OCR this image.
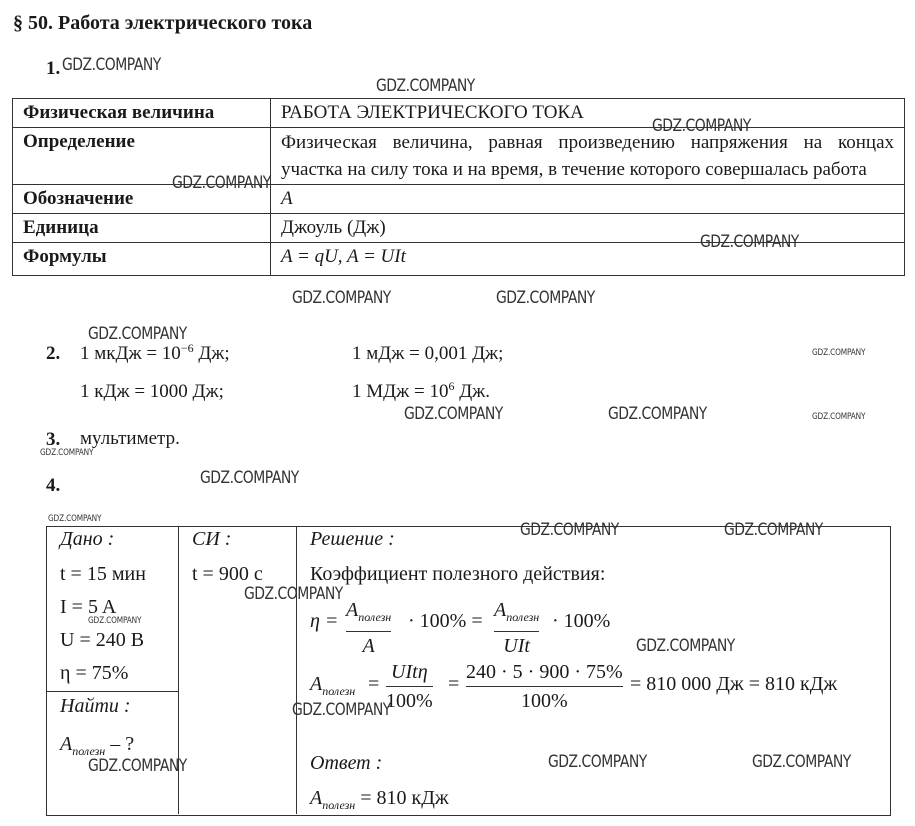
§ 50. Работа электрического тока
1.
Физическая величина	РАБОТА ЭЛЕКТРИЧЕСКОГО ТОКА
Определение	Физическая величина, равная произведению напряжения на концах участка на силу тока и на время, в течение которого совершалась работа
Обозначение	A
Единица	Джоуль (Дж)
Формулы	A = qU, A = UIt
2. 1 мкДж = $10^{-6}$ Дж;	1 мДж = 0,001 Дж;
1 кДж = 1000 Дж;	1 МДж = $10^6$ Дж.
3. мультиметр.
4.
Дано :
t = 15 мин
I = 5 A
U = 240 B
η = 75%
Найти :
$A_{полезн}$ – ?
СИ :
t = 900 с
Решение :
Коэффициент полезного действия:
$\eta = A_{полезн}$
A
· $100\% = A_{полезн}$
UIt
· 100%
$A_{полезн}$ =
UItη
100%
=
240 · 5 · 900 · 75%
100%
= 810 000 Дж = 810 кДж
Ответ :
$A_{полезн} = 810$ кДж
GDZ.COMPANY
GDZ.COMPANY
GDZ.COMPANY
GDZ.COMPANY
GDZ.COMPANY
GDZ.COMPANY	GDZ.COMPANY
GDZ.COMPANY
GDZ.COMPANY
GDZ.COMPANY	GDZ.COMPANY	GDZ.COMPANY
GDZ.COMPANY
GDZ.COMPANY
GDZ.COMPANY
GDZ.COMPANY	GDZ.COMPANY
GDZ.COMPANY
GDZ.COMPANY
GDZ.COMPANY
GDZ.COMPANY
GDZ.COMPANY	GDZ.COMPANY	GDZ.COMPANY
